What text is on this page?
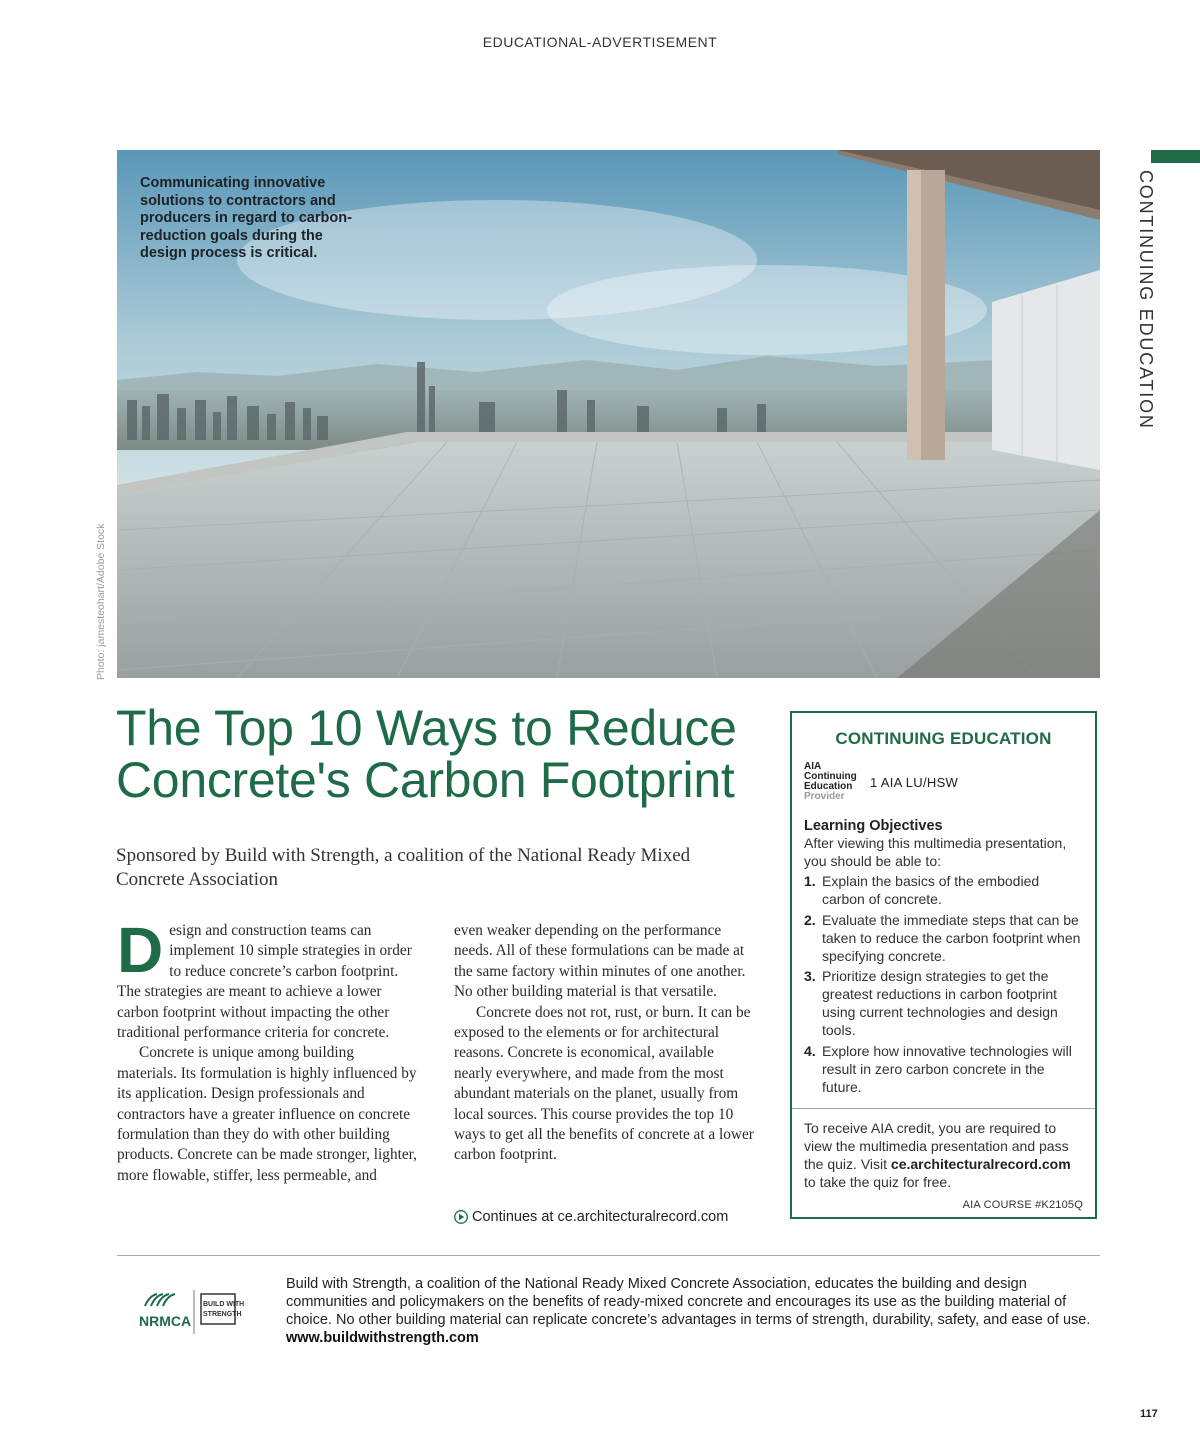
EDUCATIONAL-ADVERTISEMENT
CONTINUING EDUCATION
Photo: jamesteohart/Adobe Stock
Communicating innovative solutions to contractors and producers in regard to carbon-reduction goals during the design process is critical.
The Top 10 Ways to Reduce Concrete's Carbon Footprint
Sponsored by Build with Strength, a coalition of the National Ready Mixed Concrete Association
D esign and construction teams can implement 10 simple strategies in order to reduce concrete’s carbon footprint. The strategies are meant to achieve a lower carbon footprint without impacting the other traditional performance criteria for concrete.

Concrete is unique among building materials. Its formulation is highly influenced by its application. Design professionals and contractors have a greater influence on concrete formulation than they do with other building products. Concrete can be made stronger, lighter, more flowable, stiffer, less permeable, and

even weaker depending on the performance needs. All of these formulations can be made at the same factory within minutes of one another. No other building material is that versatile.

Concrete does not rot, rust, or burn. It can be exposed to the elements or for architectural reasons. Concrete is economical, available nearly everywhere, and made from the most abundant materials on the planet, usually from local sources. This course provides the top 10 ways to get all the benefits of concrete at a lower carbon footprint.

Continues at ce.architecturalrecord.com
CONTINUING EDUCATION
AIA
Continuing
Education
Provider
1 AIA LU/HSW
Learning Objectives
After viewing this multimedia presentation, you should be able to:
1. Explain the basics of the embodied carbon of concrete.
2. Evaluate the immediate steps that can be taken to reduce the carbon footprint when specifying concrete.
3. Prioritize design strategies to get the greatest reductions in carbon footprint using current technologies and design tools.
4. Explore how innovative technologies will result in zero carbon concrete in the future.
To receive AIA credit, you are required to view the multimedia presentation and pass the quiz. Visit ce.architecturalrecord.com to take the quiz for free.
AIA COURSE #K2105Q
NRMCA
BUILD WITH
STRENGTH
Build with Strength, a coalition of the National Ready Mixed Concrete Association, educates the building and design communities and policymakers on the benefits of ready-mixed concrete and encourages its use as the building material of choice. No other building material can replicate concrete’s advantages in terms of strength, durability, safety, and ease of use. www.buildwithstrength.com
117
